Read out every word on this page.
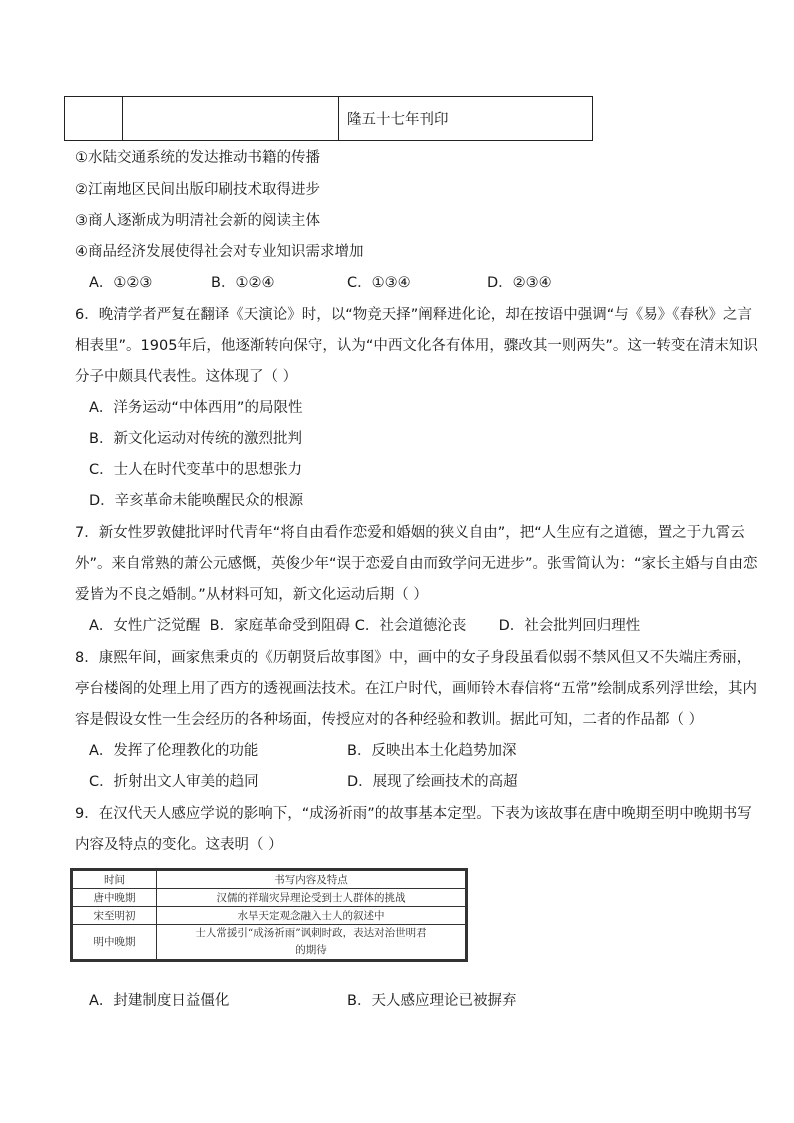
		隆五十七年刊印
①水陆交通系统的发达推动书籍的传播
②江南地区民间出版印刷技术取得进步
③商人逐渐成为明清社会新的阅读主体
④商品经济发展使得社会对专业知识需求增加
A．①②③	B．①②④	C．①③④	D．②③④
6．晚清学者严复在翻译《天演论》时，以“物竞天择”阐释进化论，却在按语中强调“与《易》《春秋》之言
相表里”。1905年后，他逐渐转向保守，认为“中西文化各有体用，骤改其一则两失”。这一转变在清末知识
分子中颇具代表性。这体现了（ ）
A．洋务运动“中体西用”的局限性
B．新文化运动对传统的激烈批判
C．士人在时代变革中的思想张力
D．辛亥革命未能唤醒民众的根源
7．新女性罗敦健批评时代青年“将自由看作恋爱和婚姻的狭义自由”，把“人生应有之道德，置之于九霄云
外”。来自常熟的萧公元感慨，英俊少年“误于恋爱自由而致学问无进步”。张雪简认为：“家长主婚与自由恋
爱皆为不良之婚制。”从材料可知，新文化运动后期（ ）
A．女性广泛觉醒  B．家庭革命受到阻碍 C．社会道德沦丧       D．社会批判回归理性
8．康熙年间，画家焦秉贞的《历朝贤后故事图》中，画中的女子身段虽看似弱不禁风但又不失端庄秀丽，
亭台楼阁的处理上用了西方的透视画法技术。在江户时代，画师铃木春信将“五常”绘制成系列浮世绘，其内
容是假设女性一生会经历的各种场面，传授应对的各种经验和教训。据此可知，二者的作品都（ ）
A．发挥了伦理教化的功能	B．反映出本土化趋势加深
C．折射出文人审美的趋同	D．展现了绘画技术的高超
9．在汉代天人感应学说的影响下，“成汤祈雨”的故事基本定型。下表为该故事在唐中晚期至明中晚期书写
内容及特点的变化。这表明（ ）
时间	书写内容及特点
唐中晚期	汉儒的祥瑞灾异理论受到士人群体的挑战
宋至明初	水旱天定观念融入士人的叙述中
明中晚期	士人常援引“成汤祈雨”讽刺时政，表达对治世明君
的期待
A．封建制度日益僵化	B．天人感应理论已被摒弃
